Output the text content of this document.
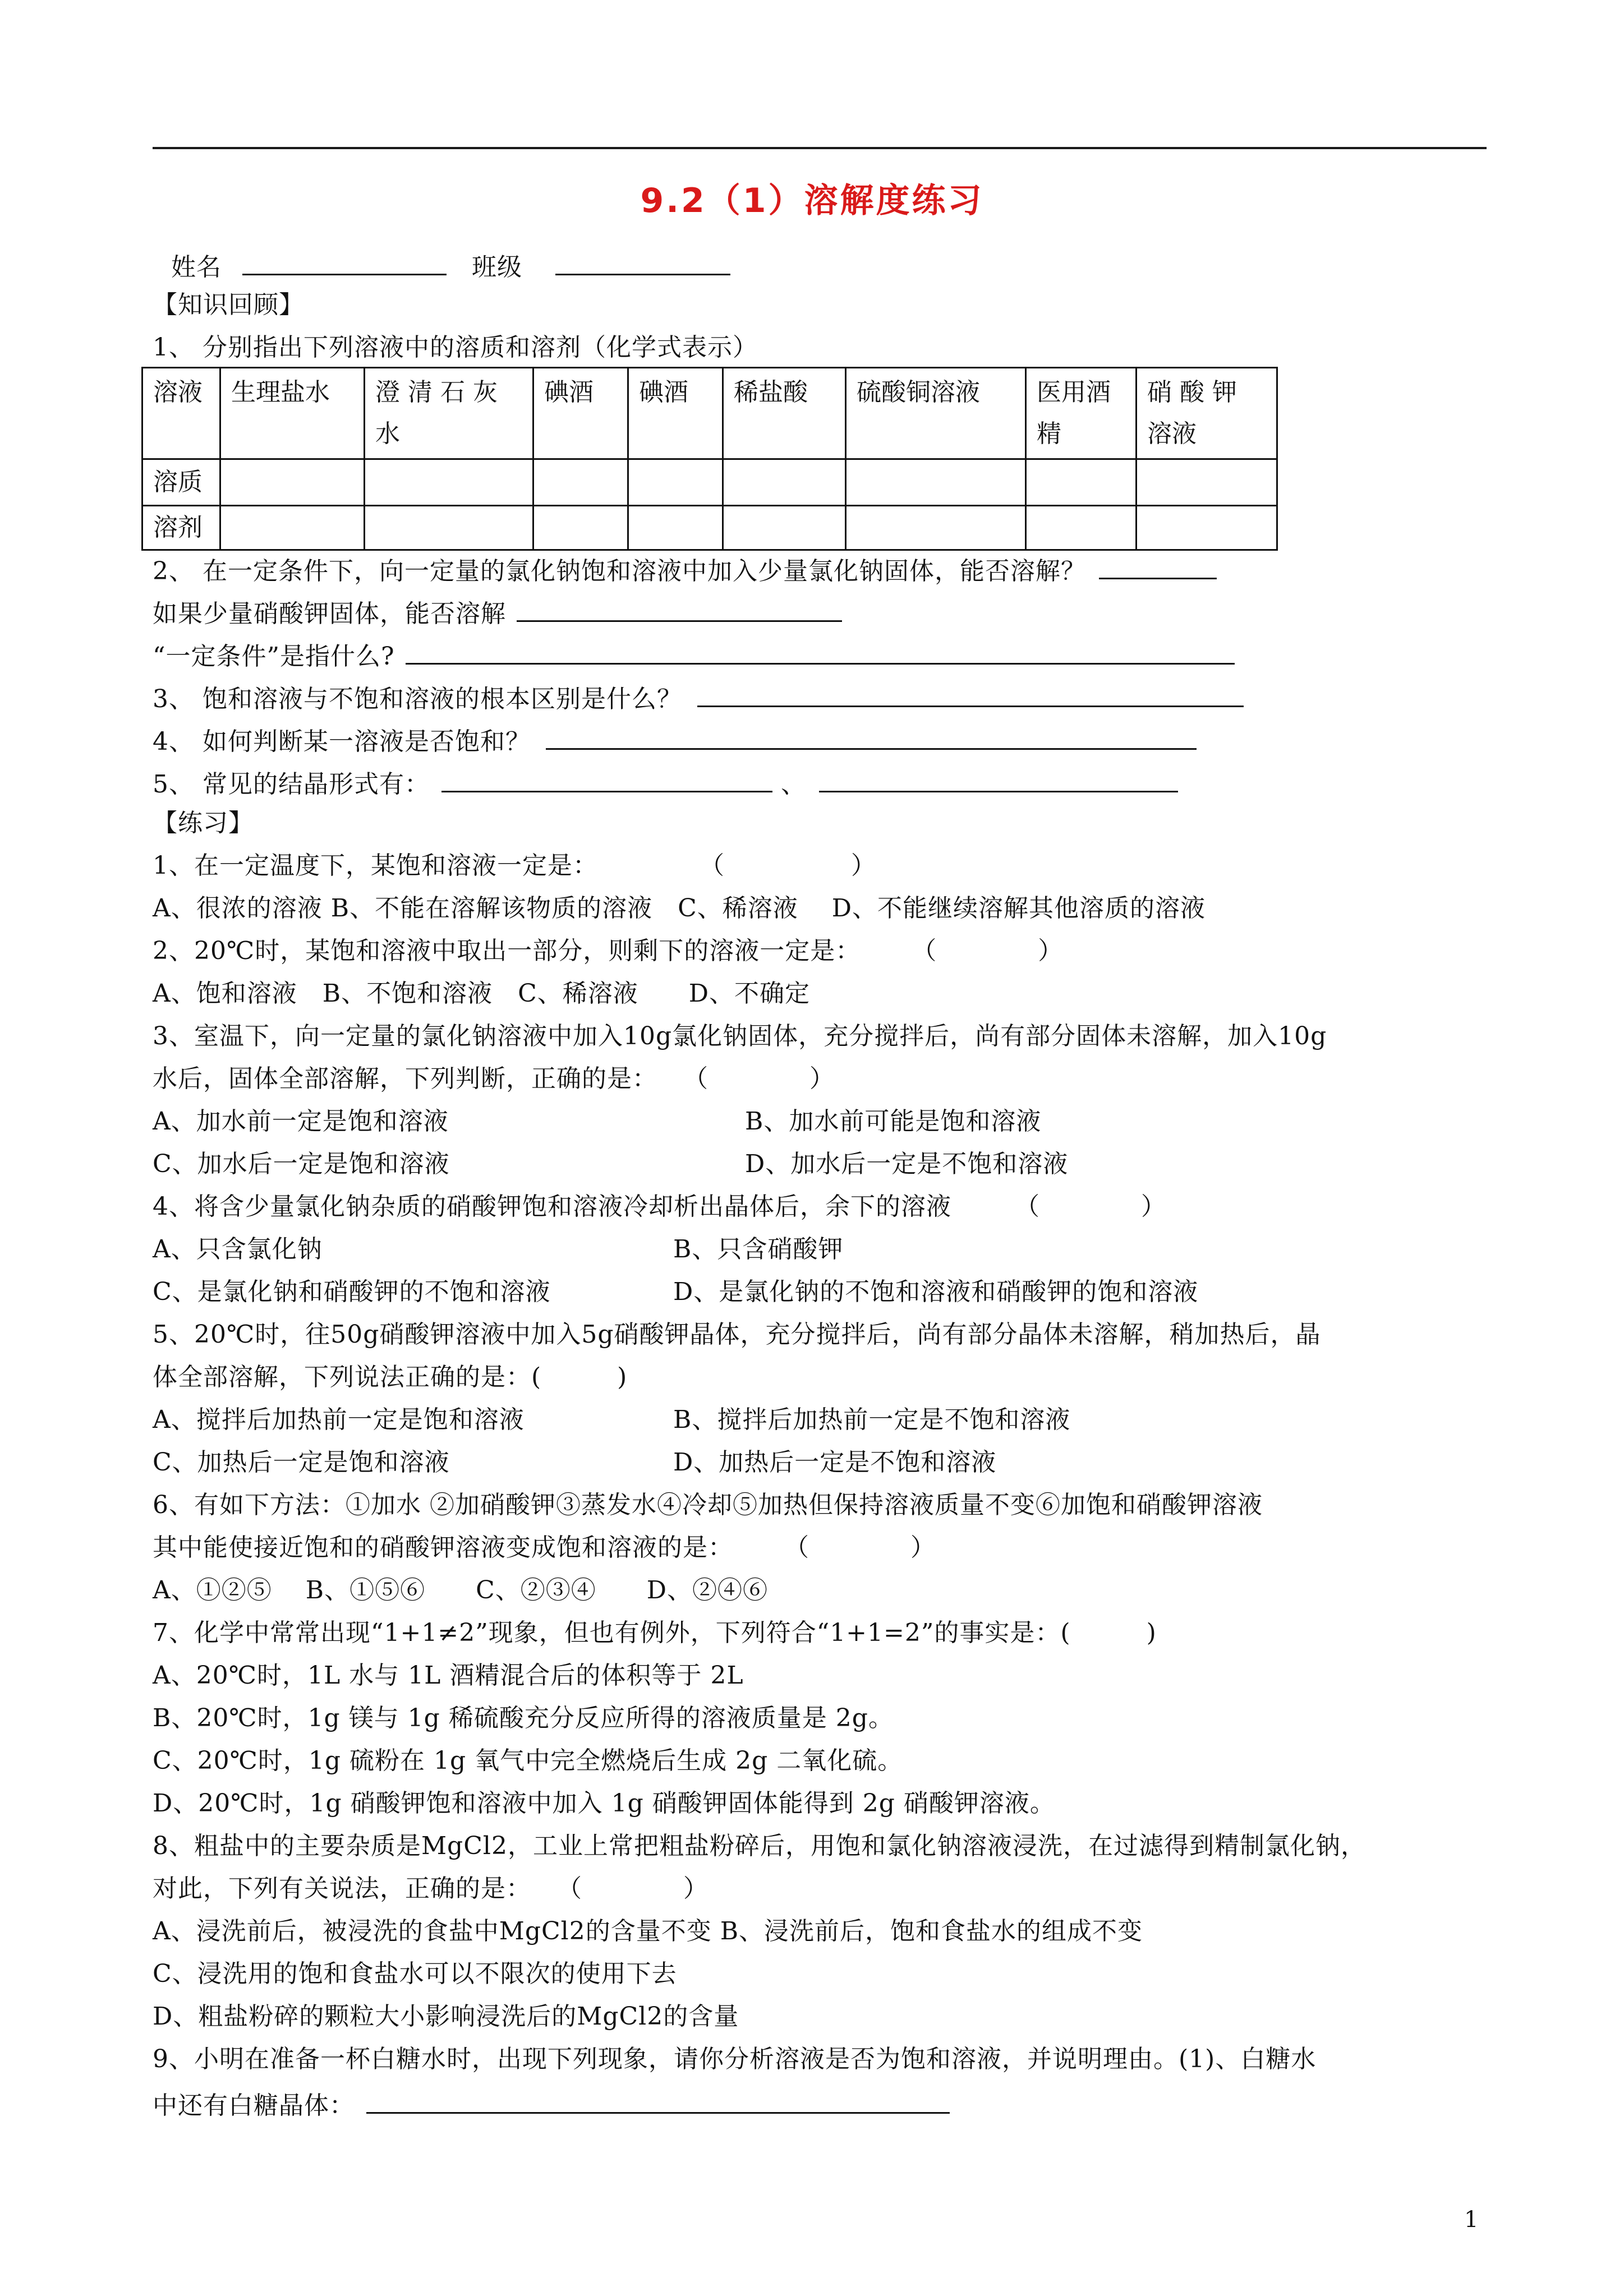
9.2（1）溶解度练习
姓名	班级
【知识回顾】
1、 分别指出下列溶液中的溶质和溶剂（化学式表示）
溶液	生理盐水	澄 清 石 灰 水	碘酒	碘酒	稀盐酸	硫酸铜溶液	医用酒精	硝 酸 钾 溶液
溶质								
溶剂								
2、 在一定条件下，向一定量的氯化钠饱和溶液中加入少量氯化钠固体，能否溶解？
如果少量硝酸钾固体，能否溶解
“一定条件”是指什么?
3、 饱和溶液与不饱和溶液的根本区别是什么？
4、 如何判断某一溶液是否饱和？
5、 常见的结晶形式有：	、
【练习】
1、在一定温度下，某饱和溶液一定是：　　　　　（　　　　　）
A、很浓的溶液 B、不能在溶解该物质的溶液　C、稀溶液　 D、不能继续溶解其他溶质的溶液
2、20℃时，某饱和溶液中取出一部分，则剩下的溶液一定是：　　　（　　　　）
A、饱和溶液　B、不饱和溶液　C、稀溶液　　D、不确定
3、室温下，向一定量的氯化钠溶液中加入10g氯化钠固体，充分搅拌后，尚有部分固体未溶解，加入10g
水后，固体全部溶解，下列判断，正确的是：　　（　　　　）
A、加水前一定是饱和溶液	B、加水前可能是饱和溶液
C、加水后一定是饱和溶液	D、加水后一定是不饱和溶液
4、将含少量氯化钠杂质的硝酸钾饱和溶液冷却析出晶体后，余下的溶液　　　（　　　　）
A、只含氯化钠	B、只含硝酸钾
C、是氯化钠和硝酸钾的不饱和溶液	D、是氯化钠的不饱和溶液和硝酸钾的饱和溶液
5、20℃时，往50g硝酸钾溶液中加入5g硝酸钾晶体，充分搅拌后，尚有部分晶体未溶解，稍加热后，晶
体全部溶解，下列说法正确的是：(　　　)
A、搅拌后加热前一定是饱和溶液	B、搅拌后加热前一定是不饱和溶液
C、加热后一定是饱和溶液	D、加热后一定是不饱和溶液
6、有如下方法：①加水 ②加硝酸钾③蒸发水④冷却⑤加热但保持溶液质量不变⑥加饱和硝酸钾溶液
其中能使接近饱和的硝酸钾溶液变成饱和溶液的是：　　　（　　　　）
A、①②⑤　 B、①⑤⑥　　C、②③④　　D、②④⑥
7、化学中常常出现“1+1≠2”现象，但也有例外，下列符合“1+1=2”的事实是：(　　　)
A、20℃时，1L 水与 1L 酒精混合后的体积等于 2L
B、20℃时，1g 镁与 1g 稀硫酸充分反应所得的溶液质量是 2g。
C、20℃时，1g 硫粉在 1g 氧气中完全燃烧后生成 2g 二氧化硫。
D、20℃时，1g 硝酸钾饱和溶液中加入 1g 硝酸钾固体能得到 2g 硝酸钾溶液。
8、粗盐中的主要杂质是MgCl2，工业上常把粗盐粉碎后，用饱和氯化钠溶液浸洗，在过滤得到精制氯化钠，
对此，下列有关说法，正确的是：　　（　　　　）
A、浸洗前后，被浸洗的食盐中MgCl2的含量不变 B、浸洗前后，饱和食盐水的组成不变
C、浸洗用的饱和食盐水可以不限次的使用下去
D、粗盐粉碎的颗粒大小影响浸洗后的MgCl2的含量
9、小明在准备一杯白糖水时，出现下列现象，请你分析溶液是否为饱和溶液，并说明理由。(1)、白糖水
中还有白糖晶体：
1
